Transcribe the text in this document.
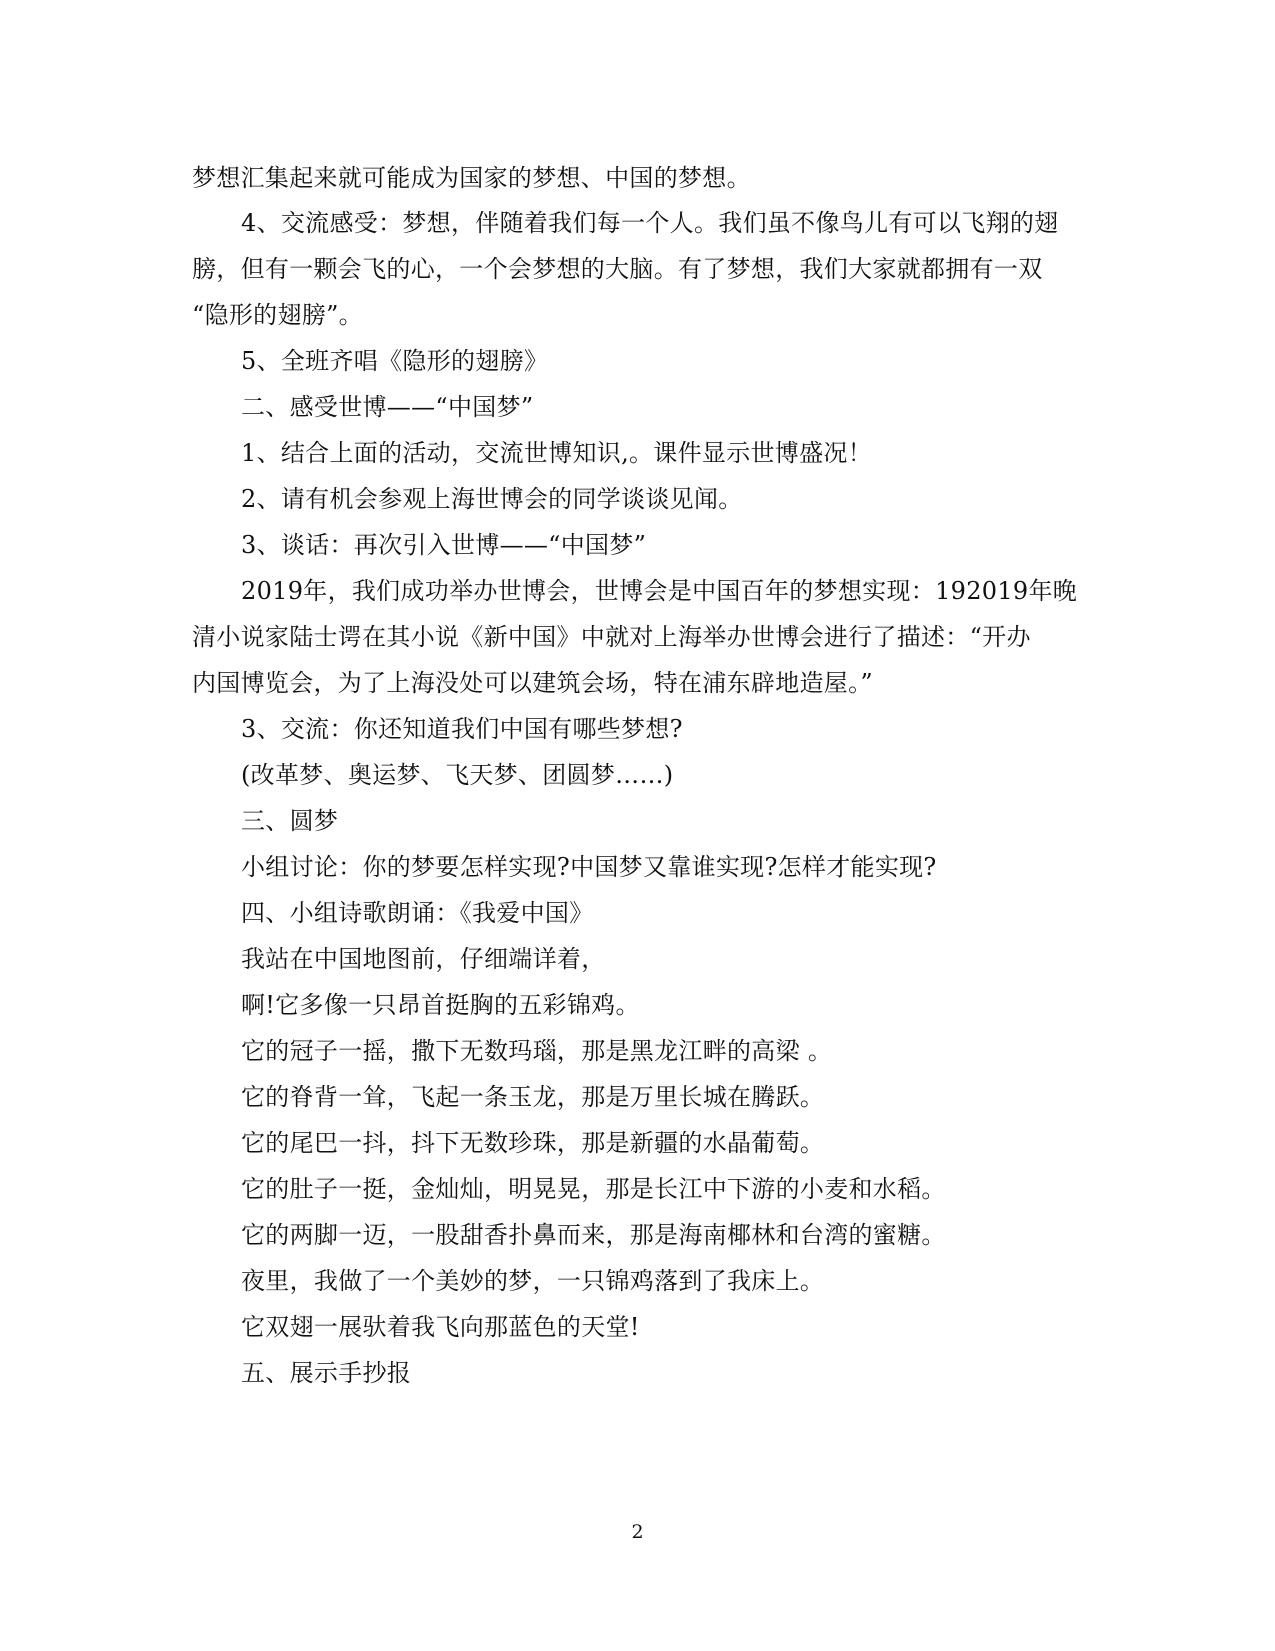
梦想汇集起来就可能成为国家的梦想、中国的梦想。
4、交流感受：梦想，伴随着我们每一个人。我们虽不像鸟儿有可以飞翔的翅
膀，但有一颗会飞的心，一个会梦想的大脑。有了梦想，我们大家就都拥有一双
“隐形的翅膀”。
5、全班齐唱《隐形的翅膀》
二、感受世博——“中国梦”
1、结合上面的活动，交流世博知识,。课件显示世博盛况！
2、请有机会参观上海世博会的同学谈谈见闻。
3、谈话：再次引入世博——“中国梦”
2019年，我们成功举办世博会，世博会是中国百年的梦想实现：192019年晚
清小说家陆士谔在其小说《新中国》中就对上海举办世博会进行了描述：“开办
内国博览会，为了上海没处可以建筑会场，特在浦东辟地造屋。”
3、交流：你还知道我们中国有哪些梦想?
(改革梦、奥运梦、飞天梦、团圆梦……)
三、圆梦
小组讨论：你的梦要怎样实现?中国梦又靠谁实现?怎样才能实现?
四、小组诗歌朗诵：《我爱中国》
我站在中国地图前，仔细端详着，
啊!它多像一只昂首挺胸的五彩锦鸡。
它的冠子一摇，撒下无数玛瑙，那是黑龙江畔的高梁 。
它的脊背一耸，飞起一条玉龙，那是万里长城在腾跃。
它的尾巴一抖，抖下无数珍珠，那是新疆的水晶葡萄。
它的肚子一挺，金灿灿，明晃晃，那是长江中下游的小麦和水稻。
它的两脚一迈，一股甜香扑鼻而来，那是海南椰林和台湾的蜜糖。
夜里，我做了一个美妙的梦，一只锦鸡落到了我床上。
它双翅一展驮着我飞向那蓝色的天堂!
五、展示手抄报
2
